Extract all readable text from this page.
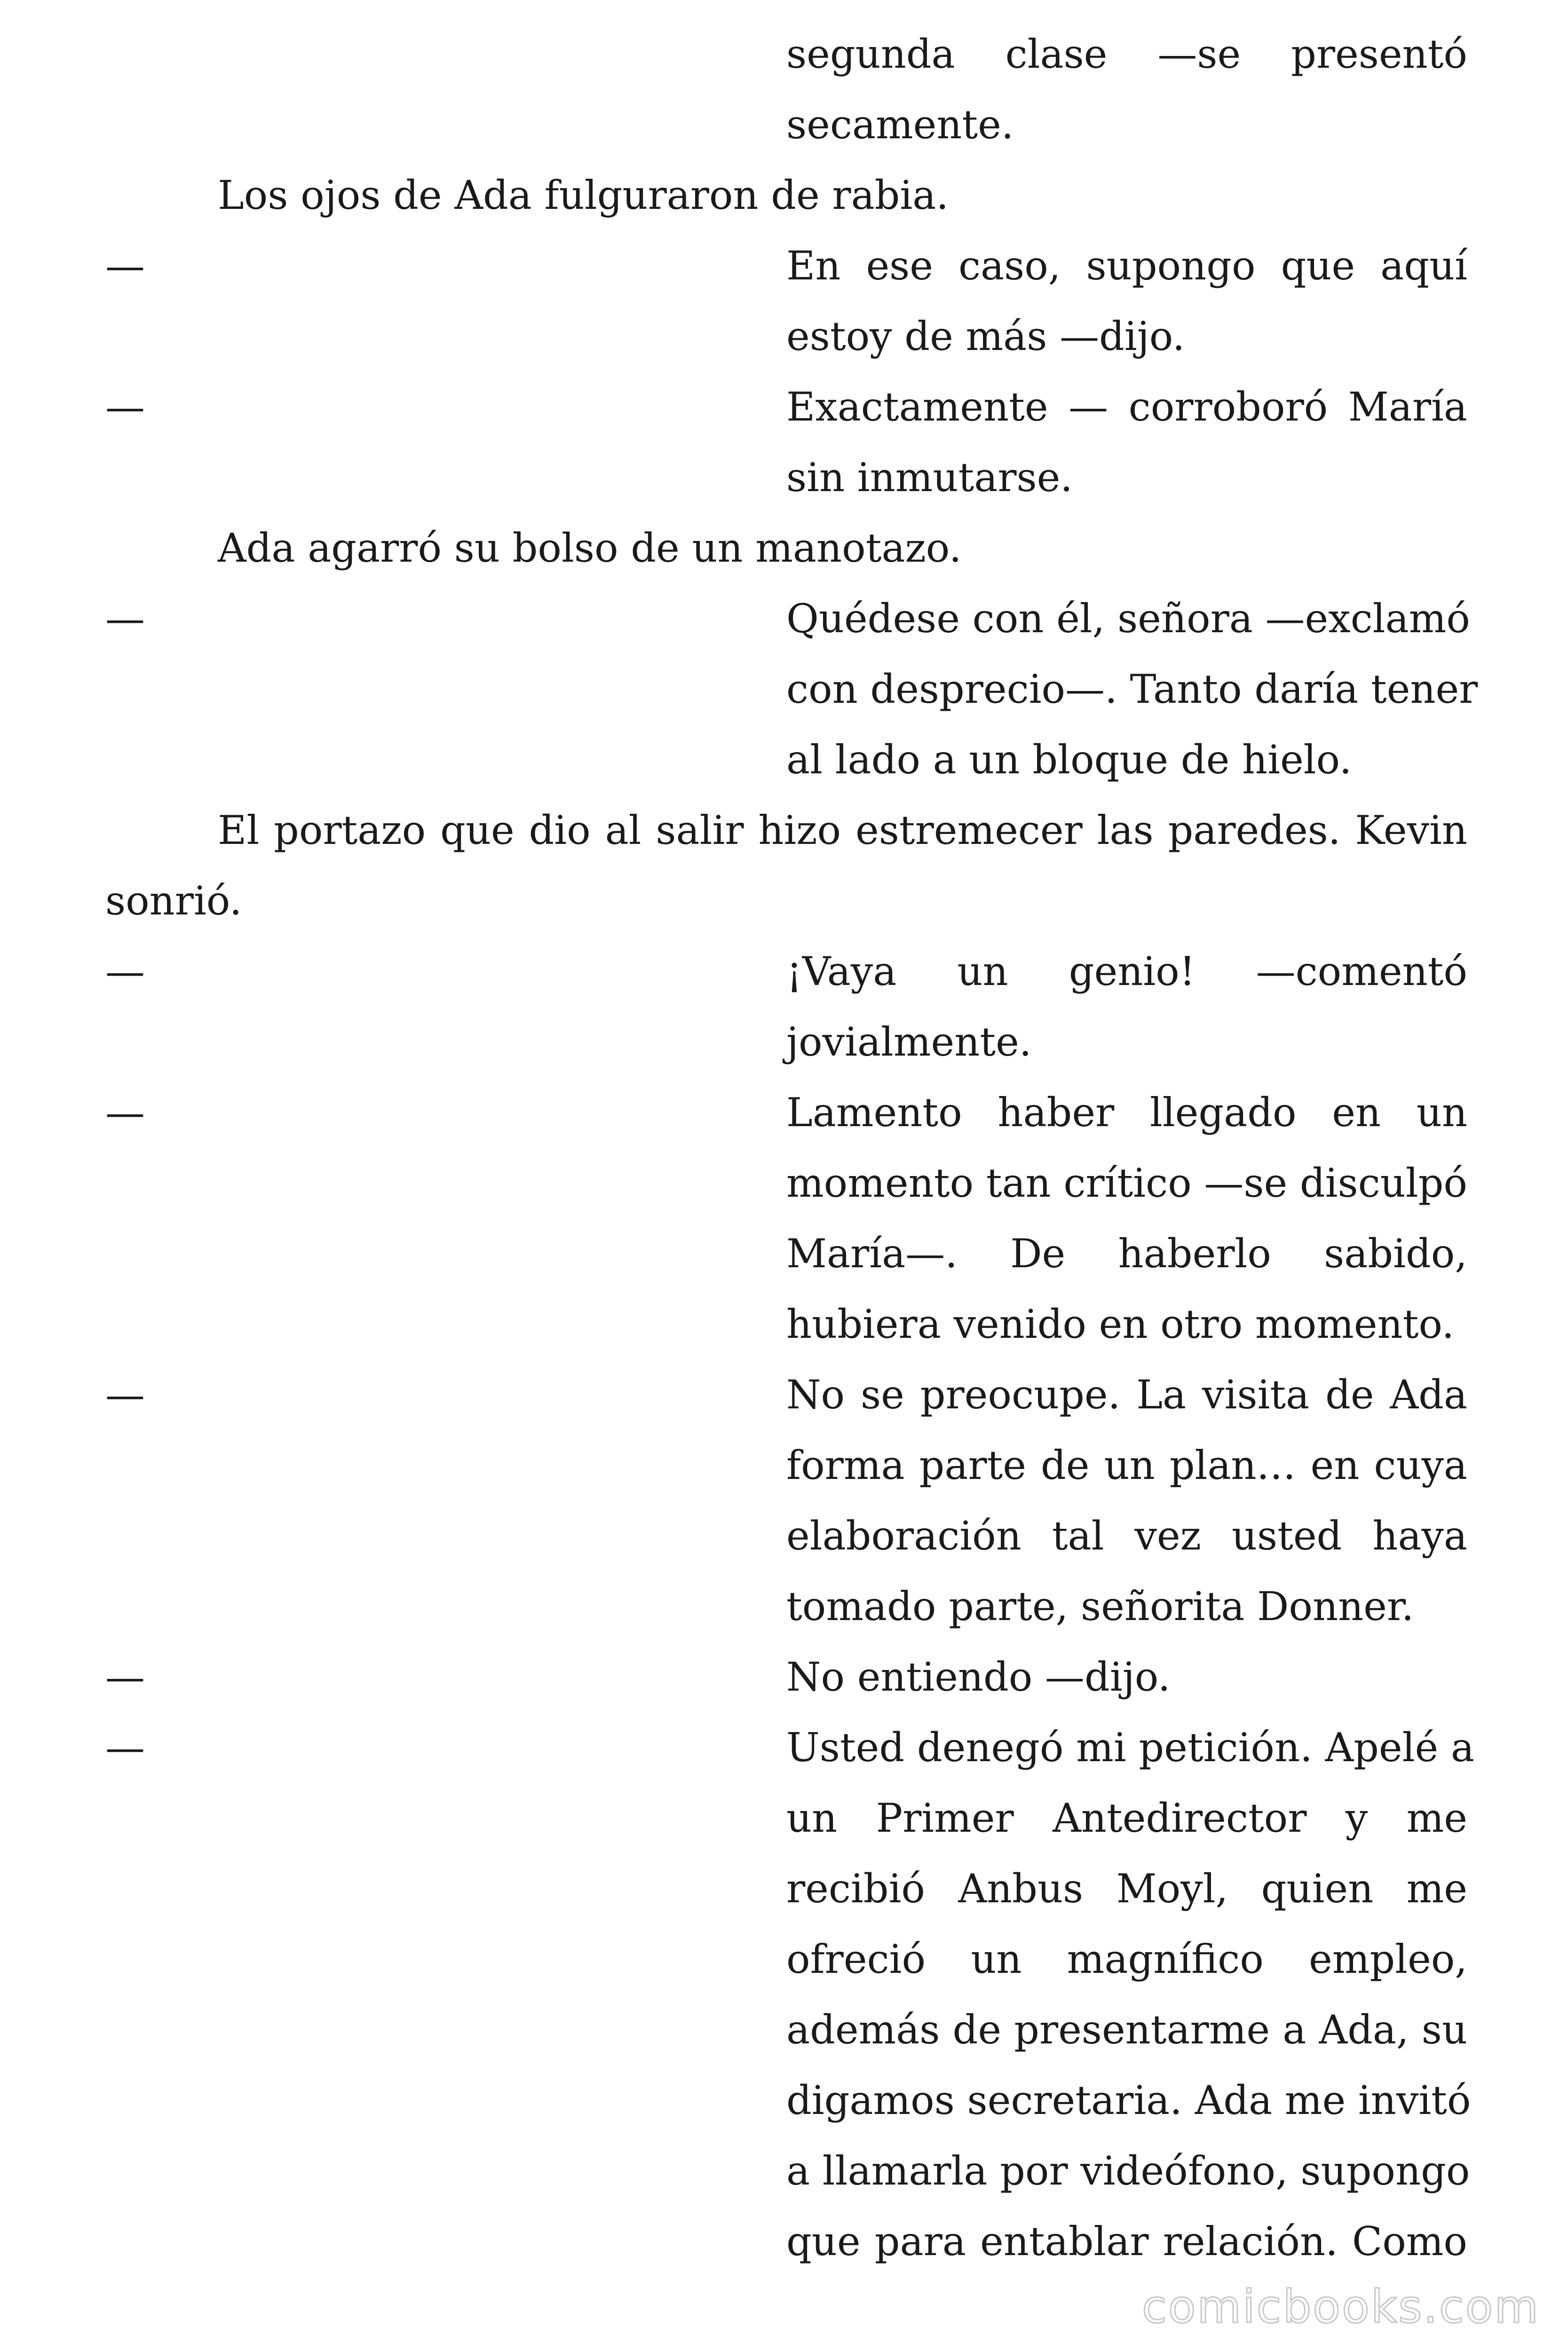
segunda clase —se presentó
secamente.
Los ojos de Ada fulguraron de rabia.
—	En ese caso, supongo que aquí
estoy de más —dijo.
—	Exactamente — corroboró María
sin inmutarse.
Ada agarró su bolso de un manotazo.
—	Quédese con él, señora —exclamó
con desprecio—. Tanto daría tener
al lado a un bloque de hielo.
El portazo que dio al salir hizo estremecer las paredes. Kevin
sonrió.
—	¡Vaya un genio! —comentó
jovialmente.
—	Lamento haber llegado en un
momento tan crítico —se disculpó
María—. De haberlo sabido,
hubiera venido en otro momento.
—	No se preocupe. La visita de Ada
forma parte de un plan… en cuya
elaboración tal vez usted haya
tomado parte, señorita Donner.
—	No entiendo —dijo.
—	Usted denegó mi petición. Apelé a
un Primer Antedirector y me
recibió Anbus Moyl, quien me
ofreció un magnífico empleo,
además de presentarme a Ada, su
digamos secretaria. Ada me invitó
a llamarla por videófono, supongo
que para entablar relación. Como
comicbooks.com
